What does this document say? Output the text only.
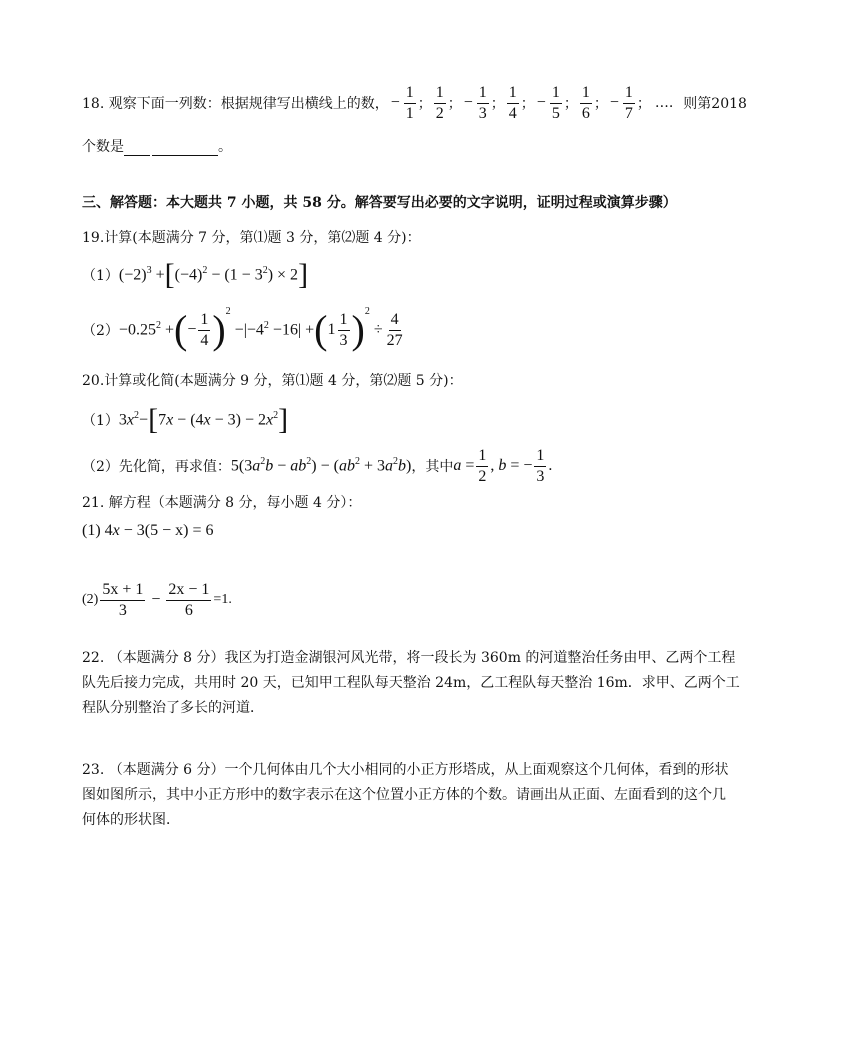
18. 观察下面一列数：根据规律写出横线上的数， − $\frac{1}{1}$ ； $\frac{1}{2}$ ； − $\frac{1}{3}$ ； $\frac{1}{4}$ ； − $\frac{1}{5}$ ； $\frac{1}{6}$ ； − $\frac{1}{7}$ ； …. 则第2018
个数是	。
三、解答题：本大题共 7 小题，共 58 分。解答要写出必要的文字说明，证明过程或演算步骤）
19.计算(本题满分 7 分，第⑴题 3 分，第⑵题 4 分)：
（1） $(-2)^3$ + [ $(-4)^2 - (1 - 3^2) \times 2$ ]
$(2) -0.25^2$ + ( − $\frac{1}{4} )^2$
$-|-4^2 -16|$ + ( $1 \frac{1}{3} )^2$
÷ $\frac{4}{27}$
20.计算或化简(本题满分 9 分，第⑴题 4 分，第⑵题 5 分)：
（1） $3x^2-$ [ $7x - (4x - 3) - 2x^2$ ]
（2）先化简，再求值： $5(3a^2b - ab^2) - (ab^2 + 3a^2b)$ ，其中 $a = \frac{1}{2}$ , b = − $\frac{1}{3}$ .
21. 解方程（本题满分 8 分，每小题 4 分）：
(1) 4x − 3(5 − x) = 6
$(2) \frac{5x + 1}{3} - \frac{2x - 1}{6} =1$.
22. （本题满分 8 分）我区为打造金湖银河风光带，将一段长为 360m 的河道整治任务由甲、乙两个工程
队先后接力完成，共用时 20 天，已知甲工程队每天整治 24m，乙工程队每天整治 16m．求甲、乙两个工
程队分别整治了多长的河道．
23. （本题满分 6 分）一个几何体由几个大小相同的小正方形塔成，从上面观察这个几何体，看到的形状
图如图所示，其中小正方形中的数字表示在这个位置小正方体的个数。请画出从正面、左面看到的这个几
何体的形状图．
